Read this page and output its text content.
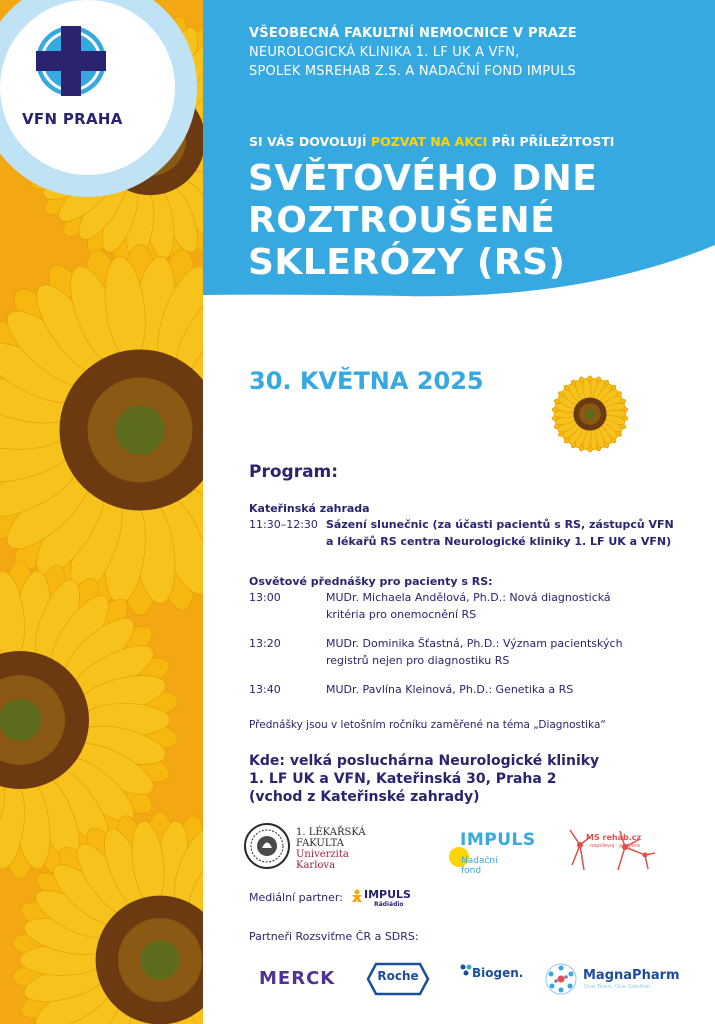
VFN PRAHA
VŠEOBECNÁ FAKULTNÍ NEMOCNICE V PRAZE
NEUROLOGICKÁ KLINIKA 1. LF UK A VFN,
SPOLEK MSREHAB Z.S. A NADAČNÍ FOND IMPULS
SI VÁS DOVOLUJÍ POZVAT NA AKCI PŘI PŘÍLEŽITOSTI
SVĚTOVÉHO DNE
ROZTROUŠENÉ
SKLERÓZY (RS)
30. KVĚTNA 2025
Program:
Kateřinská zahrada
11:30–12:30 Sázení slunečnic (za účasti pacientů s RS, zástupců VFN
a lékařů RS centra Neurologické kliniky 1. LF UK a VFN)
Osvětové přednášky pro pacienty s RS:
13:00	MUDr. Michaela Andělová, Ph.D.: Nová diagnostická
kritéria pro onemocnění RS
13:20	MUDr. Dominika Šťastná, Ph.D.: Význam pacientských
registrů nejen pro diagnostiku RS
13:40	MUDr. Pavlína Kleinová, Ph.D.: Genetika a RS
Přednášky jsou v letošním ročníku zaměřené na téma „Diagnostika“
Kde: velká posluchárna Neurologické kliniky
1. LF UK a VFN, Kateřinská 30, Praha 2
(vchod z Kateřinské zahrady)
1. LÉKAŘSKÁ
FAKULTA
Univerzita Karlova
IMPULS
Nadační
fond
MS rehab.cz
nepolevuj · podpora
Mediální partner: IMPULS
Rádiádio
Partneři Rozsviťme ČR a SDRS:
MERCK	Roche	Biogen.	MagnaPharm
One Team. One Solution.
